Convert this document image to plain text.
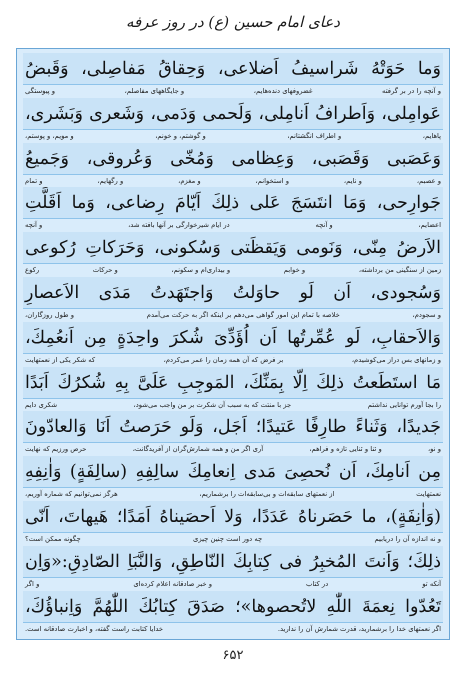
دعای امام حسین (ع) در روز عرفه
وَما حَوَتْهُ شَراسيفُ اَضلاعى، وَحِقاقُ مَفاصِلى، وَقَبضُ
و آنچه را در بر گرفته
غضروفهای دنده‌هایم،
و جایگاههای مفاصلم،
و پیوستگی
عَوامِلى، وَاَطرافُ اَنامِلى، وَلَحمى وَدَمى، وَشَعرى وَبَشَرى،
پاهایم،
و اطراف انگشتانم،
و گوشتم، و خونم،
و مویم، و پوستم،
وَعَصَبى وَقَصَبى، وَعِظامى وَمُخّى وَعُروقى، وَجَميعُ
و عصبم،
و نایم،
و استخوانم،
و مغزم،
و رگهایم،
و تمام
جَوارِحى، وَمَا انتَسَجَ عَلى ذلِكَ اَيّامَ رِضاعى، وَما اَقَلَّتِ
اعضایم،
و آنچه
در ایام شیرخوارگی بر آنها بافته شد،
و آنچه
الاَرضُ مِنّى، وَنَومى وَيَقظَتى وَسُكونى، وَحَرَكاتِ رُكوعى
زمین از سنگینی من برداشته،
و خوابم
و بیداری‌ام و سکونم،
و حرکات
رکوع
وَسُجودى، اَن لَو حاوَلتُ وَاجتَهَدتُ مَدَى الاَعصارِ
و سجودم،
خلاصه با تمام این امور گواهی می‌دهم بر اینکه اگر به حرکت می‌آمدم
و طول روزگاران،
وَالاَحقابِ، لَو عُمِّرتُها اَن اُؤَدِّىَ شُكرَ واحِدَةٍ مِن اَنعُمِكَ،
و زمانهای بس دراز می‌کوشیدم،
بر فرض که آن همه زمان را عمر می‌کردم،
که شکر یکی از نعمتهایت
مَا استَطَعتُ ذلِكَ اِلّا بِمَنِّكَ، المَوجِبِ عَلَىَّ بِهِ شُكرُكَ اَبَدًا
را بجا آورم توانایی نداشتم
جز با منتت که به سبب آن شکرت بر من واجب می‌شود،
شکری دایم
جَديدًا، وَثَناءً طارِفًا عَتيدًا؛ اَجَل، وَلَو حَرَصتُ اَنَا وَالعادّونَ
و نو،
و ثنا و ثنایی تازه و فراهم،
آری اگر من و همه شمارش‌گران از آفریدگانت،
حرص ورزیم که نهایت
مِن اَنامِكَ، اَن نُحصِىَ مَدى اِنعامِكَ سالِفِهِ (سالِفَةٍ) وَاٰنِفِهِ
نعمتهایت
از نعمتهای سابقه‌ات و بی‌سابقه‌ات را برشماریم،
هرگز نمی‌توانیم که شماره آوریم،
(وَاٰنِفَةٍ)، ما حَصَرناهُ عَدَدًا، وَلا اَحصَيناهُ اَمَدًا؛ هَيهاتَ، اَنّى
و نه اندازه آن را دریابیم
چه دور است چنین چیزی
چگونه ممکن است؟
ذلِكَ؛ وَاَنتَ المُخبِرُ فى كِتابِكَ النّاطِقِ، وَالنَّبَاِ الصّادِقِ:«وَاِن
آنکه تو
در کتاب
و خبر صادقانه اعلام کرده‌ای
و اگر
تَعُدّوا نِعمَةَ اللّٰهِ لاتُحصوها»؛ صَدَقَ كِتابُكَ اللّٰهُمَّ وَاِنباؤُكَ،
اگر نعمتهای خدا را برشمارید، قدرت شمارش آن را ندارید.
خدایا کتابت راست گفته، و اخبارت صادقانه است.
۶۵۲
